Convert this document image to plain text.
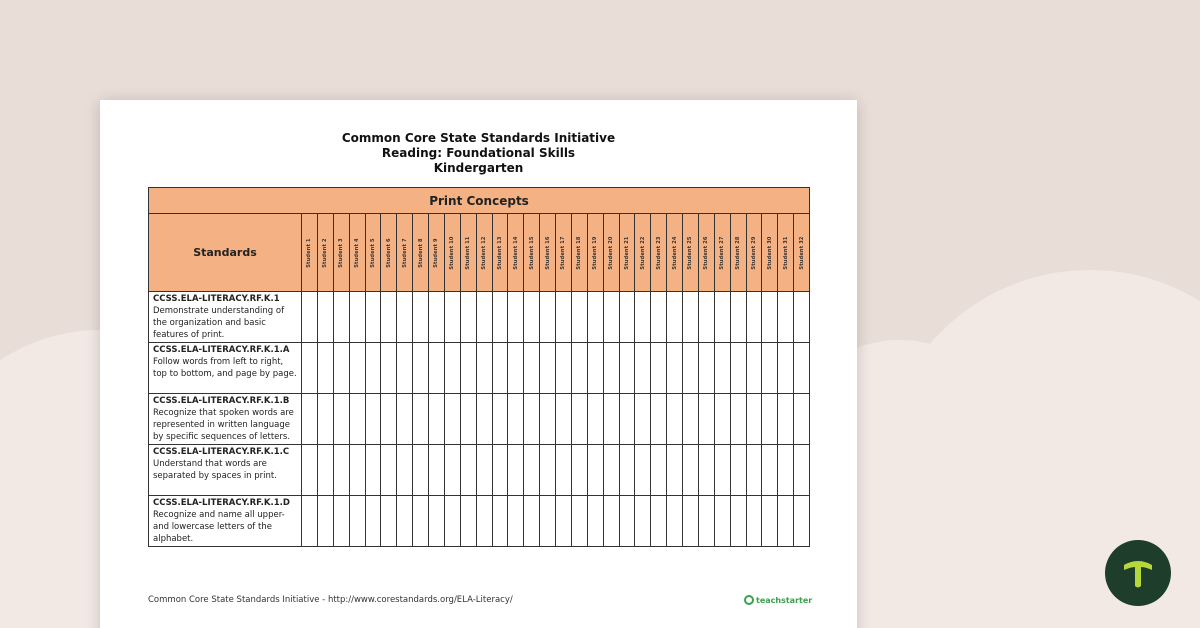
Common Core State Standards Initiative
Reading: Foundational Skills
Kindergarten
Print Concepts																																
Standards	Student 1	Student 2	Student 3	Student 4	Student 5	Student 6	Student 7	Student 8	Student 9	Student 10	Student 11	Student 12	Student 13	Student 14	Student 15	Student 16	Student 17	Student 18	Student 19	Student 20	Student 21	Student 22	Student 23	Student 24	Student 25	Student 26	Student 27	Student 28	Student 29	Student 30	Student 31	Student 32

CCSS.ELA-LITERACY.RF.K.1
Demonstrate understanding of the organization and basic features of print.																																

CCSS.ELA-LITERACY.RF.K.1.A
Follow words from left to right, top to bottom, and page by page.																																

CCSS.ELA-LITERACY.RF.K.1.B
Recognize that spoken words are represented in written language by specific sequences of letters.																																

CCSS.ELA-LITERACY.RF.K.1.C
Understand that words are separated by spaces in print.																																

CCSS.ELA-LITERACY.RF.K.1.D
Recognize and name all upper- and lowercase letters of the alphabet.																																
Common Core State Standards Initiative - http://www.corestandards.org/ELA-Literacy/	teachstarter
